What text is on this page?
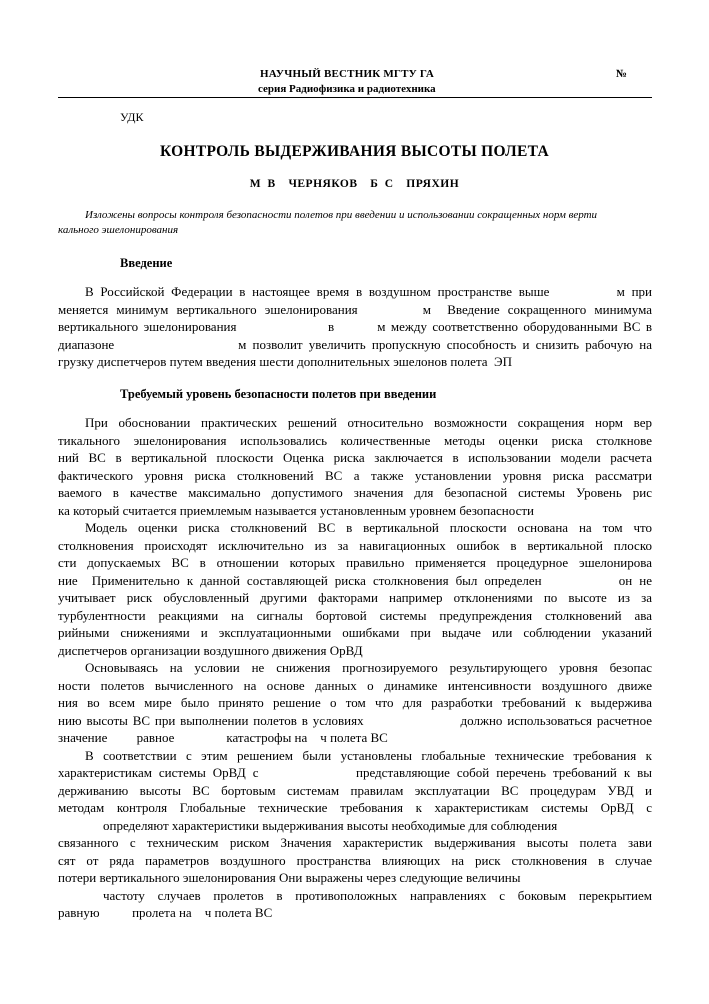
НАУЧНЫЙ ВЕСТНИК МГТУ ГА	№
серия Радиофизика и радиотехника
УДК
КОНТРОЛЬ ВЫДЕРЖИВАНИЯ ВЫСОТЫ ПОЛЕТА
М В  ЧЕРНЯКОВ  Б С  ПРЯХИН
Изложены вопросы контроля безопасности полетов при введении и использовании сокращенных норм верти
кального эшелонирования
Введение
В Российской Федерации в настоящее время в воздушном пространстве выше          м при
меняется минимум вертикального эшелонирования        м  Введение сокращенного минимума
вертикального эшелонирования                 в        м между соответственно оборудованными ВС в
диапазоне                    м позволит увеличить пропускную способность и снизить рабочую на
грузку диспетчеров путем введения шести дополнительных эшелонов полета  ЭП
Требуемый уровень безопасности полетов при введении
При обосновании практических решений относительно возможности сокращения норм вер
тикального эшелонирования использовались количественные методы оценки риска столкнове
ний ВС в вертикальной плоскости Оценка риска заключается в использовании модели расчета
фактического уровня риска столкновений ВС а также установлении уровня риска рассматри
ваемого в качестве максимально допустимого значения для безопасной системы Уровень рис
ка который считается приемлемым называется установленным уровнем безопасности
Модель оценки риска столкновений ВС в вертикальной плоскости основана на том что
столкновения происходят исключительно из за навигационных ошибок в вертикальной плоско
сти допускаемых ВС в отношении которых правильно применяется процедурное эшелонирова
ние  Применительно к данной составляющей риска столкновения был определен           он не
учитывает риск обусловленный другими факторами например отклонениями по высоте из за
турбулентности реакциями на сигналы бортовой системы предупреждения столкновений ава
рийными снижениями и эксплуатационными ошибками при выдаче или соблюдении указаний
диспетчеров организации воздушного движения ОрВД
Основываясь на условии не снижения прогнозируемого результирующего уровня безопас
ности полетов вычисленного на основе данных о динамике интенсивности воздушного движе
ния во всем мире было принято решение о том что для разработки требований к выдержива
нию высоты ВС при выполнении полетов в условиях                    должно использоваться расчетное
значение         равное                катастрофы на    ч полета ВС
В соответствии с этим решением были установлены глобальные технические требования к
характеристикам системы ОрВД с              представляющие собой перечень требований к вы
держиванию высоты ВС бортовым системам правилам эксплуатации ВС процедурам УВД и
методам контроля Глобальные технические требования к характеристикам системы ОрВД с
определяют характеристики выдерживания высоты необходимые для соблюдения
связанного с техническим риском Значения характеристик выдерживания высоты полета зави
сят от ряда параметров воздушного пространства влияющих на риск столкновения в случае
потери вертикального эшелонирования Они выражены через следующие величины
частоту случаев пролетов в противоположных направлениях с боковым перекрытием
равную          пролета на    ч полета ВС
